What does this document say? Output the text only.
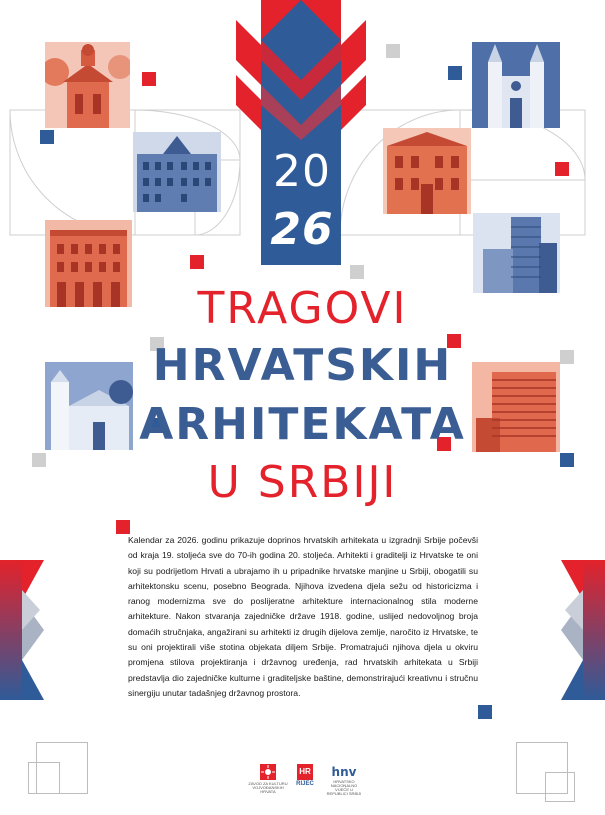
20
26
TRAGOVI
HRVATSKIH
ARHITEKATA
U SRBIJI
Kalendar za 2026. godinu prikazuje doprinos hrvatskih arhitekata u izgradnji Srbije počevši od kraja 19. stoljeća sve do 70-ih godina 20. stoljeća. Arhitekti i graditelji iz Hrvatske te oni koji su podrijetlom Hrvati a ubrajamo ih u pripadnike hrvatske manjine u Srbiji, obogatili su arhitektonsku scenu, posebno Beograda. Njihova izvedena djela sežu od historicizma i ranog modernizma sve do poslijeratne arhitekture internacionalnog stila moderne arhitekture. Nakon stvaranja zajedničke države 1918. godine, uslijed nedovoljnog broja domaćih stručnjaka, angažirani su arhitekti iz drugih dijelova zemlje, naročito iz Hrvatske, te su oni projektirali više stotina objekata diljem Srbije. Promatrajući njihova djela u okviru promjena stilova projektiranja i državnog uređenja, rad hrvatskih arhitekata u Srbiji predstavlja dio zajedničke kulturne i graditeljske baštine, demonstrirajući kreativnu i stručnu sinergiju unutar tadašnjeg državnog prostora.
ZAVOD ZA KULTURU VOJVOĐANSKIH HRVATA
HR
RIJEČ
hnv
HRVATSKO NACIONALNO VIJEĆE U REPUBLICI SRBIJI
